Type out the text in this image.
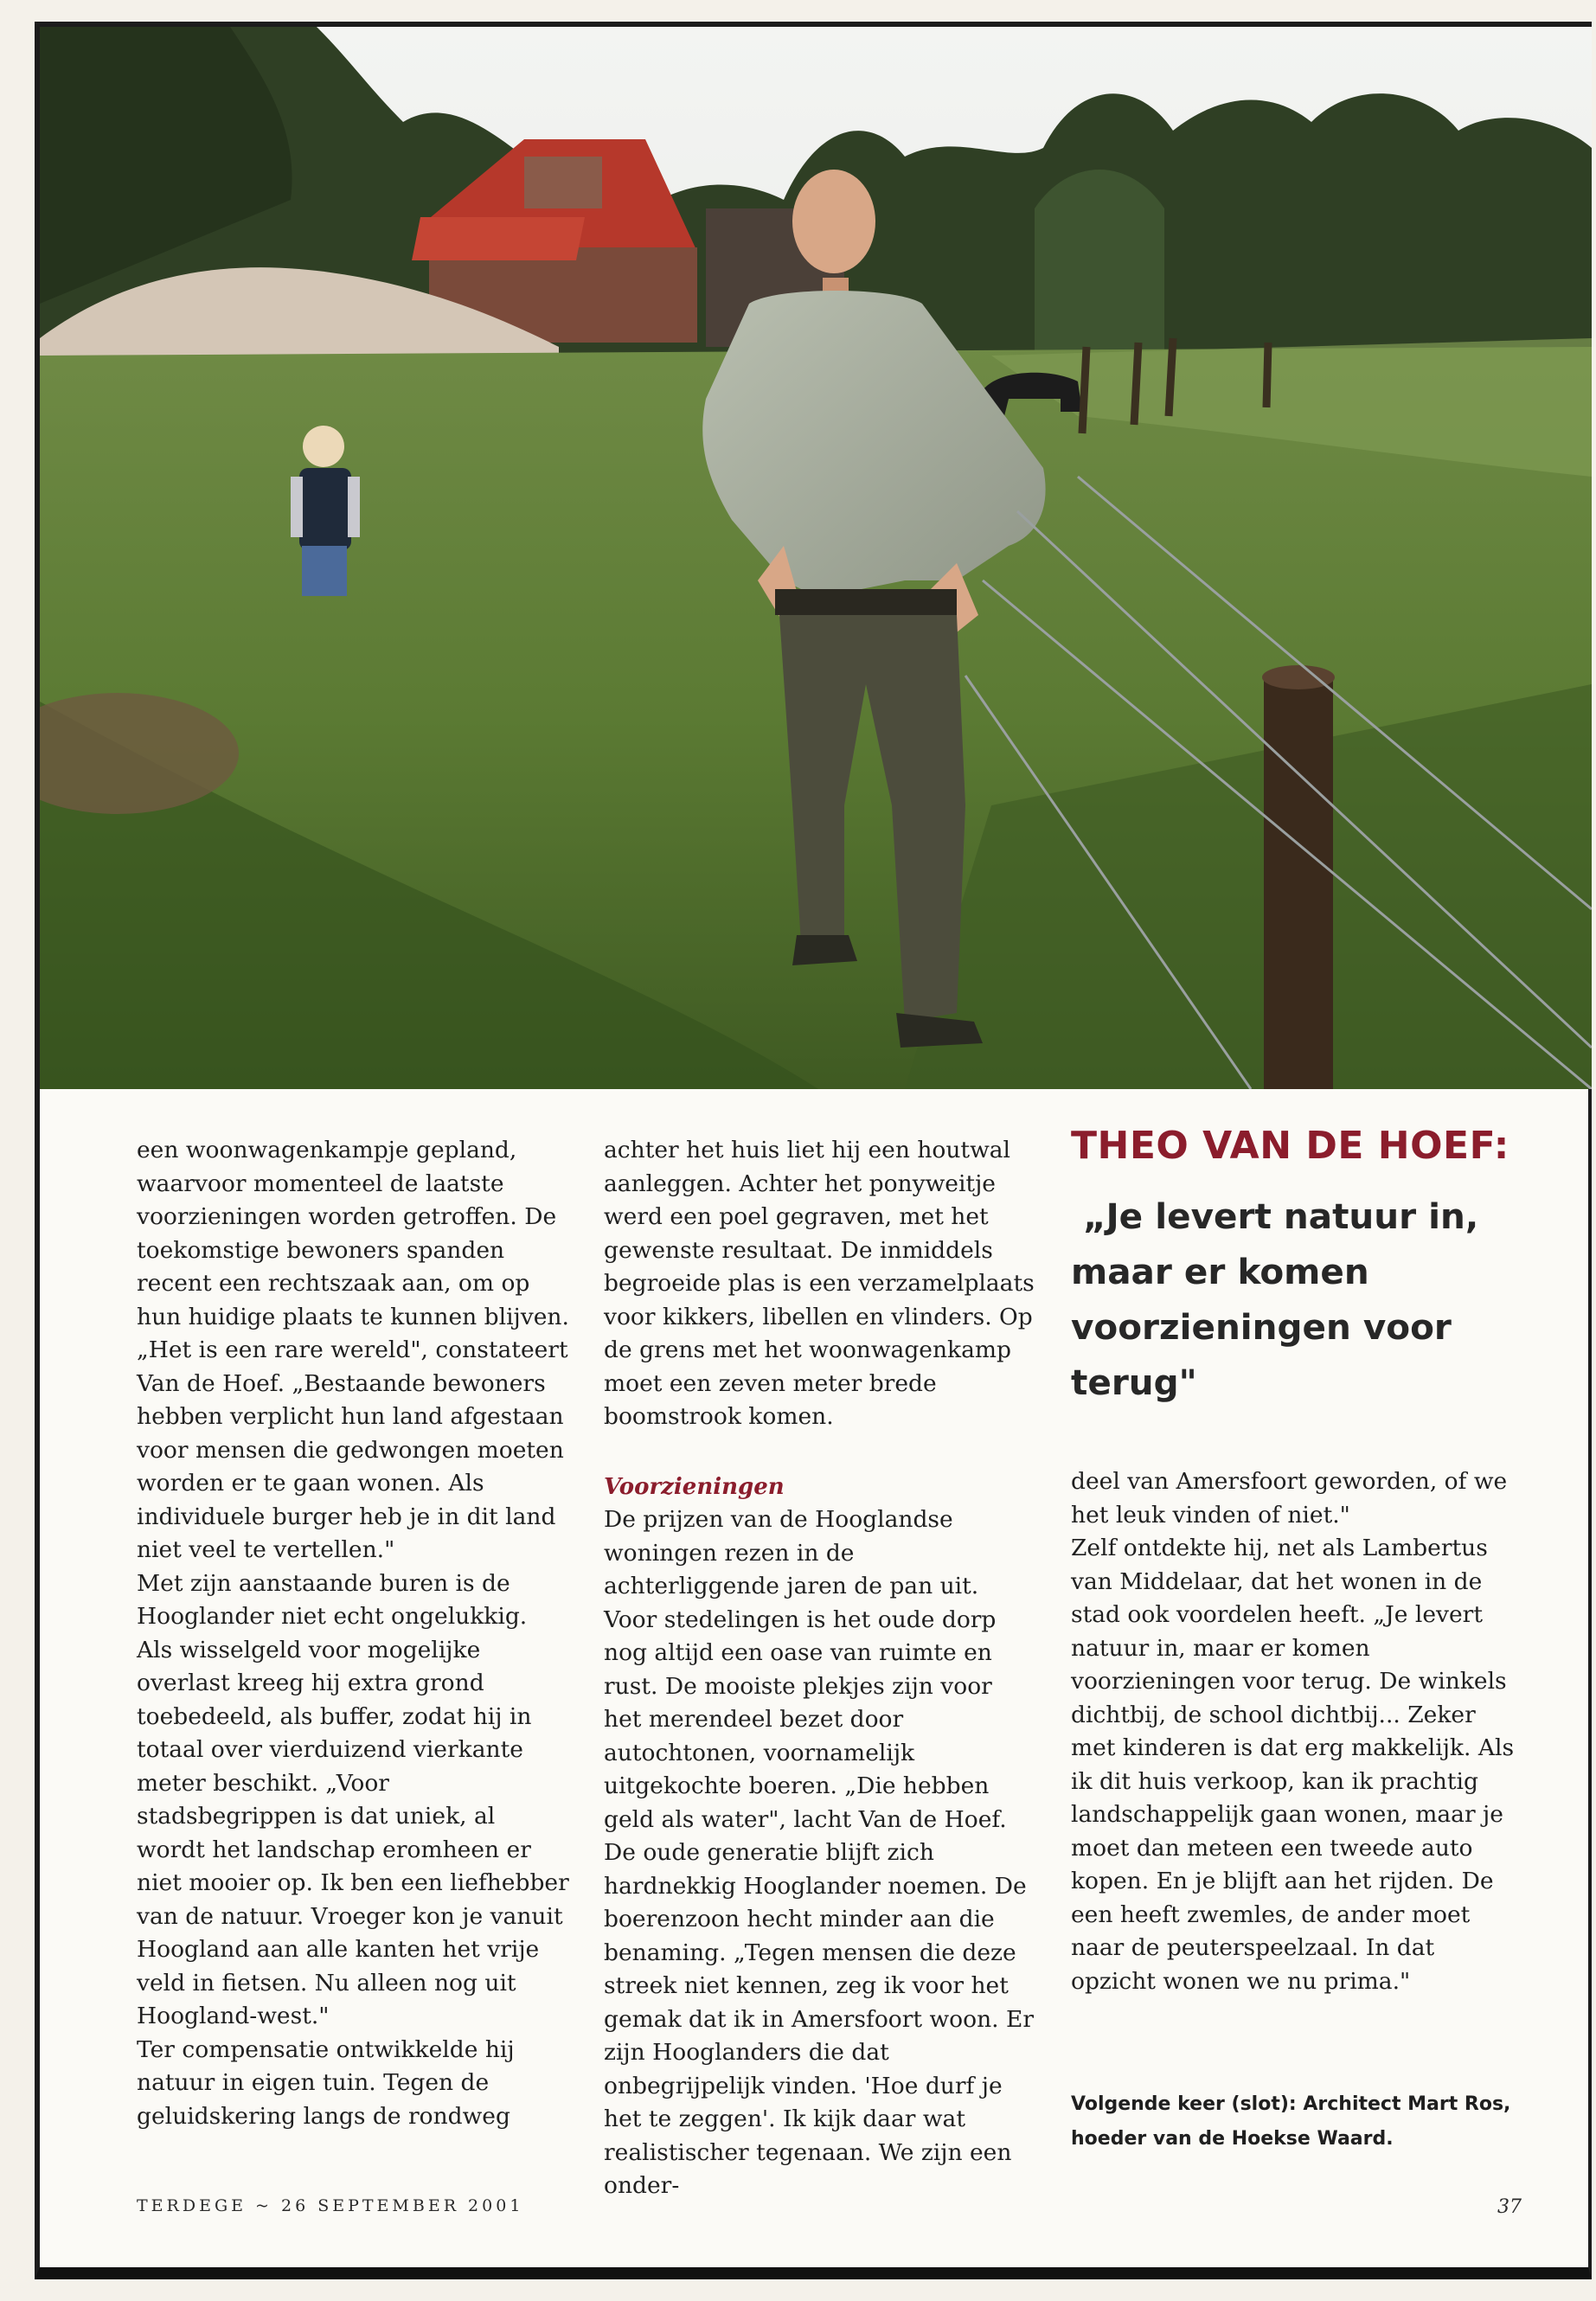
een woonwagenkampje gepland, waarvoor momenteel de laatste voorzieningen worden getroffen. De toekomstige bewoners spanden recent een rechtszaak aan, om op hun huidige plaats te kunnen blijven. „Het is een rare wereld", constateert Van de Hoef. „Bestaande bewoners hebben verplicht hun land afgestaan voor mensen die gedwongen moeten worden er te gaan wonen. Als individuele burger heb je in dit land niet veel te vertellen."

Met zijn aanstaande buren is de Hooglander niet echt ongelukkig. Als wisselgeld voor mogelijke overlast kreeg hij extra grond toebedeeld, als buffer, zodat hij in totaal over vierduizend vierkante meter beschikt. „Voor stadsbegrippen is dat uniek, al wordt het landschap eromheen er niet mooier op. Ik ben een liefhebber van de natuur. Vroeger kon je vanuit Hoogland aan alle kanten het vrije veld in fietsen. Nu alleen nog uit Hoogland-west."

Ter compensatie ontwikkelde hij natuur in eigen tuin. Tegen de geluidskering langs de rondweg

achter het huis liet hij een houtwal aanleggen. Achter het ponyweitje werd een poel gegraven, met het gewenste resultaat. De inmiddels begroeide plas is een verzamelplaats voor kikkers, libellen en vlinders. Op de grens met het woonwagenkamp moet een zeven meter brede boomstrook komen.

Voorzieningen

De prijzen van de Hooglandse woningen rezen in de achterliggende jaren de pan uit. Voor stedelingen is het oude dorp nog altijd een oase van ruimte en rust. De mooiste plekjes zijn voor het merendeel bezet door autochtonen, voornamelijk uitgekochte boeren. „Die hebben geld als water", lacht Van de Hoef. De oude generatie blijft zich hardnekkig Hooglander noemen. De boerenzoon hecht minder aan die benaming. „Tegen mensen die deze streek niet kennen, zeg ik voor het gemak dat ik in Amersfoort woon. Er zijn Hooglanders die dat onbegrijpelijk vinden. 'Hoe durf je het te zeggen'. Ik kijk daar wat realistischer tegenaan. We zijn een onder-

THEO VAN DE HOEF:
„Je levert natuur in,
maar er komen voorzieningen voor terug"

deel van Amersfoort geworden, of we het leuk vinden of niet."

Zelf ontdekte hij, net als Lambertus van Middelaar, dat het wonen in de stad ook voordelen heeft. „Je levert natuur in, maar er komen voorzieningen voor terug. De winkels dichtbij, de school dichtbij... Zeker met kinderen is dat erg makkelijk. Als ik dit huis verkoop, kan ik prachtig landschappelijk gaan wonen, maar je moet dan meteen een tweede auto kopen. En je blijft aan het rijden. De een heeft zwemles, de ander moet naar de peuterspeelzaal. In dat opzicht wonen we nu prima."

Volgende keer (slot): Architect Mart Ros, hoeder van de Hoekse Waard.
TERDEGE ~ 26 SEPTEMBER 2001	37
